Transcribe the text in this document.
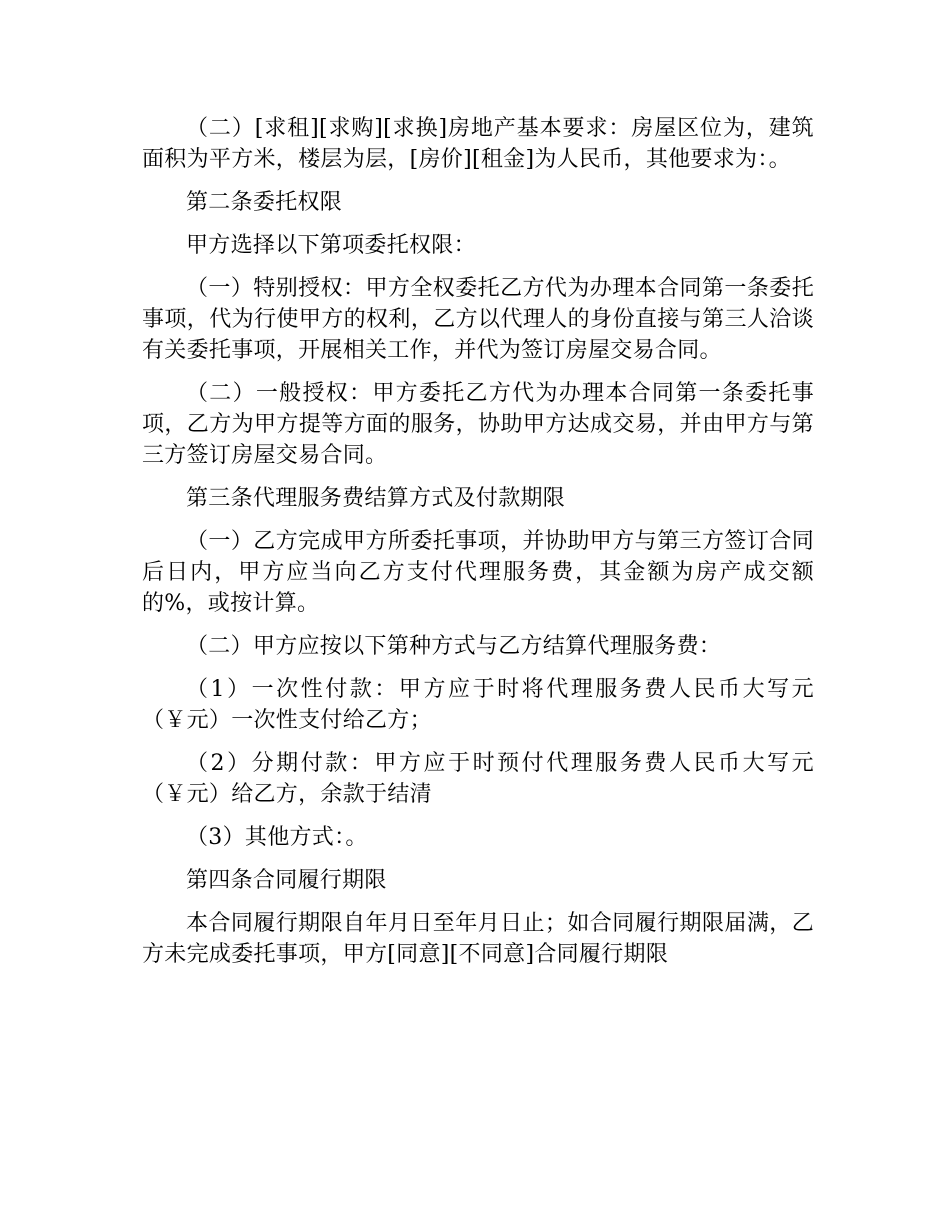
（二）[求租][求购][求换]房地产基本要求：房屋区位为，建筑面积为平方米，楼层为层，[房价][租金]为人民币，其他要求为：。

第二条委托权限

甲方选择以下第项委托权限：

（一）特别授权：甲方全权委托乙方代为办理本合同第一条委托事项，代为行使甲方的权利，乙方以代理人的身份直接与第三人洽谈有关委托事项，开展相关工作，并代为签订房屋交易合同。

（二）一般授权：甲方委托乙方代为办理本合同第一条委托事项，乙方为甲方提等方面的服务，协助甲方达成交易，并由甲方与第三方签订房屋交易合同。

第三条代理服务费结算方式及付款期限

（一）乙方完成甲方所委托事项，并协助甲方与第三方签订合同后日内，甲方应当向乙方支付代理服务费，其金额为房产成交额的%，或按计算。

（二）甲方应按以下第种方式与乙方结算代理服务费：

（1）一次性付款：甲方应于时将代理服务费人民币大写元（￥元）一次性支付给乙方；

（2）分期付款：甲方应于时预付代理服务费人民币大写元（￥元）给乙方，余款于结清

（3）其他方式：。

第四条合同履行期限

本合同履行期限自年月日至年月日止；如合同履行期限届满，乙方未完成委托事项，甲方[同意][不同意]合同履行期限
